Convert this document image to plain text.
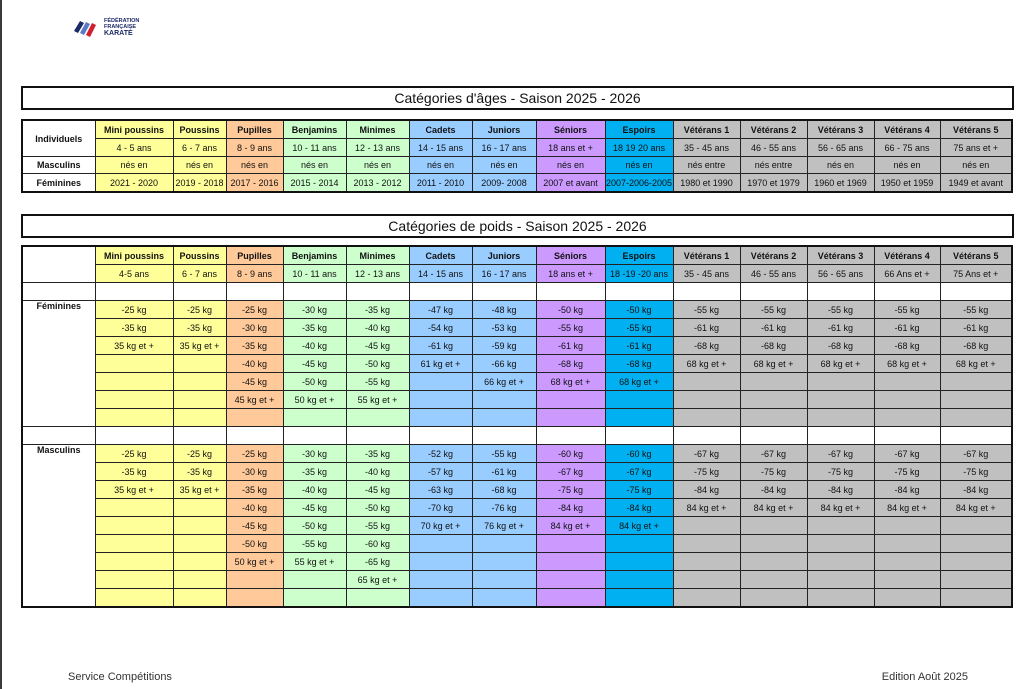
FÉDÉRATION
FRANÇAISE
KARATÉ
Catégories d'âges - Saison 2025 - 2026
Individuels	Mini poussins	Poussins	Pupilles	Benjamins	Minimes	Cadets	Juniors	Séniors	Espoirs	Vétérans 1	Vétérans 2	Vétérans 3	Vétérans 4	Vétérans 5
	4 - 5 ans	6 - 7 ans	8 - 9 ans	10 - 11 ans	12 - 13 ans	14 - 15 ans	16 - 17 ans	18 ans et +	18 19 20 ans	35 - 45 ans	46 - 55 ans	56 - 65 ans	66 - 75 ans	75 ans et +
Masculins	nés en	nés en	nés en	nés en	nés en	nés en	nés en	nés en	nés en	nés entre	nés entre	nés en	nés en	nés en
Féminines	2021 - 2020	2019 - 2018	2017 - 2016	2015 - 2014	2013 - 2012	2011 - 2010	2009- 2008	2007 et avant	2007-2006-2005	1980 et 1990	1970 et 1979	1960 et 1969	1950 et 1959	1949 et avant
Catégories de poids - Saison 2025 - 2026
	Mini poussins	Poussins	Pupilles	Benjamins	Minimes	Cadets	Juniors	Séniors	Espoirs	Vétérans 1	Vétérans 2	Vétérans 3	Vétérans 4	Vétérans 5
	4-5 ans	6 - 7 ans	8 - 9 ans	10 - 11 ans	12 - 13 ans	14 - 15 ans	16 - 17 ans	18 ans et +	18 -19 -20 ans	35 - 45 ans	46 - 55 ans	56 - 65 ans	66 Ans et +	75 Ans et +

Féminines	-25 kg	-25 kg	-25 kg	-30 kg	-35 kg	-47 kg	-48 kg	-50 kg	-50 kg	-55 kg	-55 kg	-55 kg	-55 kg	-55 kg
	-35 kg	-35 kg	-30 kg	-35 kg	-40 kg	-54 kg	-53 kg	-55 kg	-55 kg	-61 kg	-61 kg	-61 kg	-61 kg	-61 kg
	35 kg et +	35 kg et +	-35 kg	-40 kg	-45 kg	-61 kg	-59 kg	-61 kg	-61 kg	-68 kg	-68 kg	-68 kg	-68 kg	-68 kg
			-40 kg	-45 kg	-50 kg	61 kg et +	-66 kg	-68 kg	-68 kg	68 kg et +	68 kg et +	68 kg et +	68 kg et +	68 kg et +
			-45 kg	-50 kg	-55 kg		66 kg et +	68 kg et +	68 kg et +					
			45 kg et +	50 kg et +	55 kg et +									

Masculins	-25 kg	-25 kg	-25 kg	-30 kg	-35 kg	-52 kg	-55 kg	-60 kg	-60 kg	-67 kg	-67 kg	-67 kg	-67 kg	-67 kg
	-35 kg	-35 kg	-30 kg	-35 kg	-40 kg	-57 kg	-61 kg	-67 kg	-67 kg	-75 kg	-75 kg	-75 kg	-75 kg	-75 kg
	35 kg et +	35 kg et +	-35 kg	-40 kg	-45 kg	-63 kg	-68 kg	-75 kg	-75 kg	-84 kg	-84 kg	-84 kg	-84 kg	-84 kg
			-40 kg	-45 kg	-50 kg	-70 kg	-76 kg	-84 kg	-84 kg	84 kg et +	84 kg et +	84 kg et +	84 kg et +	84 kg et +
			-45 kg	-50 kg	-55 kg	70 kg et +	76 kg et +	84 kg et +	84 kg et +					
			-50 kg	-55 kg	-60 kg									
			50 kg et +	55 kg et +	-65 kg									
					65 kg et +									

Service Compétitions	Edition Août 2025
